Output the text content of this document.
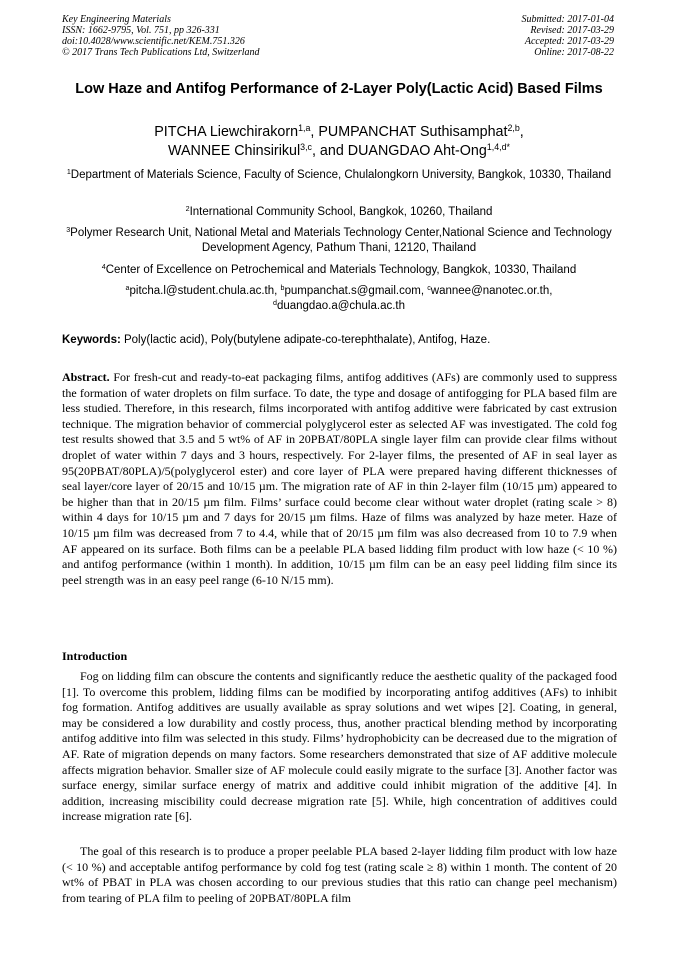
Key Engineering Materials
ISSN: 1662-9795, Vol. 751, pp 326-331
doi:10.4028/www.scientific.net/KEM.751.326
© 2017 Trans Tech Publications Ltd, Switzerland
Submitted: 2017-01-04
Revised: 2017-03-29
Accepted: 2017-03-29
Online: 2017-08-22
Low Haze and Antifog Performance of 2-Layer Poly(Lactic Acid) Based Films
PITCHA Liewchirakorn$^{1,a}$, PUMPANCHAT Suthisamphat$^{2,b}$,
WANNEE Chinsirikul$^{3,c}$, and DUANGDAO Aht-Ong$^{1,4,d*}$
$^1$Department of Materials Science, Faculty of Science, Chulalongkorn University, Bangkok, 10330, Thailand
$^2$International Community School, Bangkok, 10260, Thailand
$^3$Polymer Research Unit, National Metal and Materials Technology Center,National Science and Technology Development Agency, Pathum Thani, 12120, Thailand
$^4$Center of Excellence on Petrochemical and Materials Technology, Bangkok, 10330, Thailand
$^a$pitcha.l@student.chula.ac.th, $^b$pumpanchat.s@gmail.com, $^c$wannee@nanotec.or.th,
$^d$duangdao.a@chula.ac.th
Keywords: Poly(lactic acid), Poly(butylene adipate-co-terephthalate), Antifog, Haze.
Abstract. For fresh-cut and ready-to-eat packaging films, antifog additives (AFs) are commonly used to suppress the formation of water droplets on film surface. To date, the type and dosage of antifogging for PLA based film are less studied. Therefore, in this research, films incorporated with antifog additive were fabricated by cast extrusion technique. The migration behavior of commercial polyglycerol ester as selected AF was investigated. The cold fog test results showed that 3.5 and 5 wt% of AF in 20PBAT/80PLA single layer film can provide clear films without droplet of water within 7 days and 3 hours, respectively. For 2-layer films, the presented of AF in seal layer as 95(20PBAT/80PLA)/5(polyglycerol ester) and core layer of PLA were prepared having different thicknesses of seal layer/core layer of 20/15 and 10/15 µm. The migration rate of AF in thin 2-layer film (10/15 µm) appeared to be higher than that in 20/15 µm film. Films’ surface could become clear without water droplet (rating scale > 8) within 4 days for 10/15 µm and 7 days for 20/15 µm films. Haze of films was analyzed by haze meter. Haze of 10/15 µm film was decreased from 7 to 4.4, while that of 20/15 µm film was also decreased from 10 to 7.9 when AF appeared on its surface. Both films can be a peelable PLA based lidding film product with low haze (< 10 %) and antifog performance (within 1 month). In addition, 10/15 µm film can be an easy peel lidding film since its peel strength was in an easy peel range (6-10 N/15 mm).
Introduction

Fog on lidding film can obscure the contents and significantly reduce the aesthetic quality of the packaged food [1]. To overcome this problem, lidding films can be modified by incorporating antifog additives (AFs) to inhibit fog formation. Antifog additives are usually available as spray solutions and wet wipes [2]. Coating, in general, may be considered a low durability and costly process, thus, another practical blending method by incorporating antifog additive into film was selected in this study. Films’ hydrophobicity can be decreased due to the migration of AF. Rate of migration depends on many factors. Some researchers demonstrated that size of AF additive molecule affects migration behavior. Smaller size of AF molecule could easily migrate to the surface [3]. Another factor was surface energy, similar surface energy of matrix and additive could inhibit migration of the additive [4]. In addition, increasing miscibility could decrease migration rate [5]. While, high concentration of additives could increase migration rate [6].

The goal of this research is to produce a proper peelable PLA based 2-layer lidding film product with low haze (< 10 %) and acceptable antifog performance by cold fog test (rating scale ≥ 8) within 1 month. The content of 20 wt% of PBAT in PLA was chosen according to our previous studies that this ratio can change peel mechanism) from tearing of PLA film to peeling of 20PBAT/80PLA film
